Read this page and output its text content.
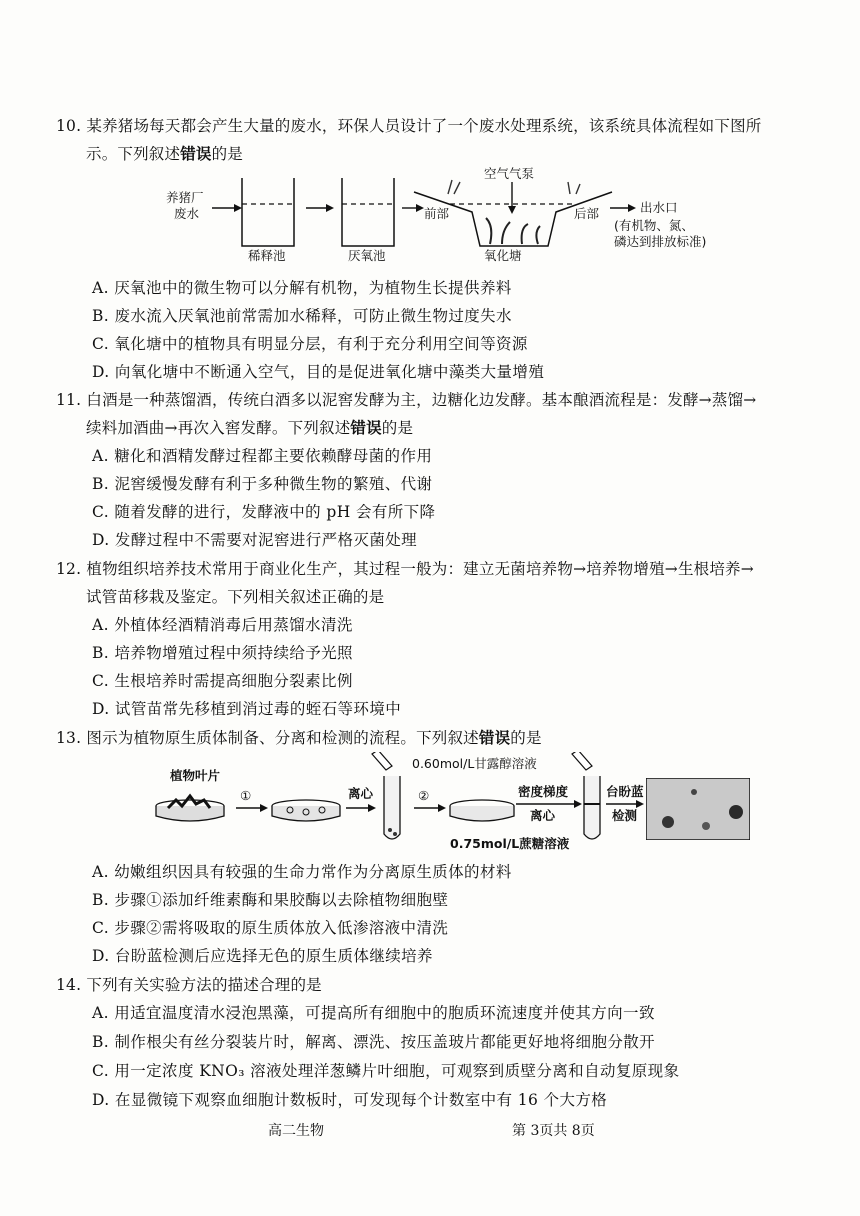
10. 某养猪场每天都会产生大量的废水，环保人员设计了一个废水处理系统，该系统具体流程如下图所
示。下列叙述错误的是
养猪厂
废水
稀释池	厌氧池
前部	后部
空气气泵
氧化塘
出水口
(有机物、氮、
磷达到排放标准)
A. 厌氧池中的微生物可以分解有机物，为植物生长提供养料
B. 废水流入厌氧池前常需加水稀释，可防止微生物过度失水
C. 氧化塘中的植物具有明显分层，有利于充分利用空间等资源
D. 向氧化塘中不断通入空气，目的是促进氧化塘中藻类大量增殖
11. 白酒是一种蒸馏酒，传统白酒多以泥窖发酵为主，边糖化边发酵。基本酿酒流程是：发酵→蒸馏→
续料加酒曲→再次入窖发酵。下列叙述错误的是
A. 糖化和酒精发酵过程都主要依赖酵母菌的作用
B. 泥窖缓慢发酵有利于多种微生物的繁殖、代谢
C. 随着发酵的进行，发酵液中的 pH 会有所下降
D. 发酵过程中不需要对泥窖进行严格灭菌处理
12. 植物组织培养技术常用于商业化生产，其过程一般为：建立无菌培养物→培养物增殖→生根培养→
试管苗移栽及鉴定。下列相关叙述正确的是
A. 外植体经酒精消毒后用蒸馏水清洗
B. 培养物增殖过程中须持续给予光照
C. 生根培养时需提高细胞分裂素比例
D. 试管苗常先移植到消过毒的蛭石等环境中
13. 图示为植物原生质体制备、分离和检测的流程。下列叙述错误的是
植物叶片
①	离心	②
0.60mol/L甘露醇溶液
密度梯度
离心
台盼蓝
检测
0.75mol/L蔗糖溶液
A. 幼嫩组织因具有较强的生命力常作为分离原生质体的材料
B. 步骤①添加纤维素酶和果胶酶以去除植物细胞壁
C. 步骤②需将吸取的原生质体放入低渗溶液中清洗
D. 台盼蓝检测后应选择无色的原生质体继续培养
14. 下列有关实验方法的描述合理的是
A. 用适宜温度清水浸泡黑藻，可提高所有细胞中的胞质环流速度并使其方向一致
B. 制作根尖有丝分裂装片时，解离、漂洗、按压盖玻片都能更好地将细胞分散开
C. 用一定浓度 KNO₃ 溶液处理洋葱鳞片叶细胞，可观察到质壁分离和自动复原现象
D. 在显微镜下观察血细胞计数板时，可发现每个计数室中有 16 个大方格
高二生物	第 3页共 8页
